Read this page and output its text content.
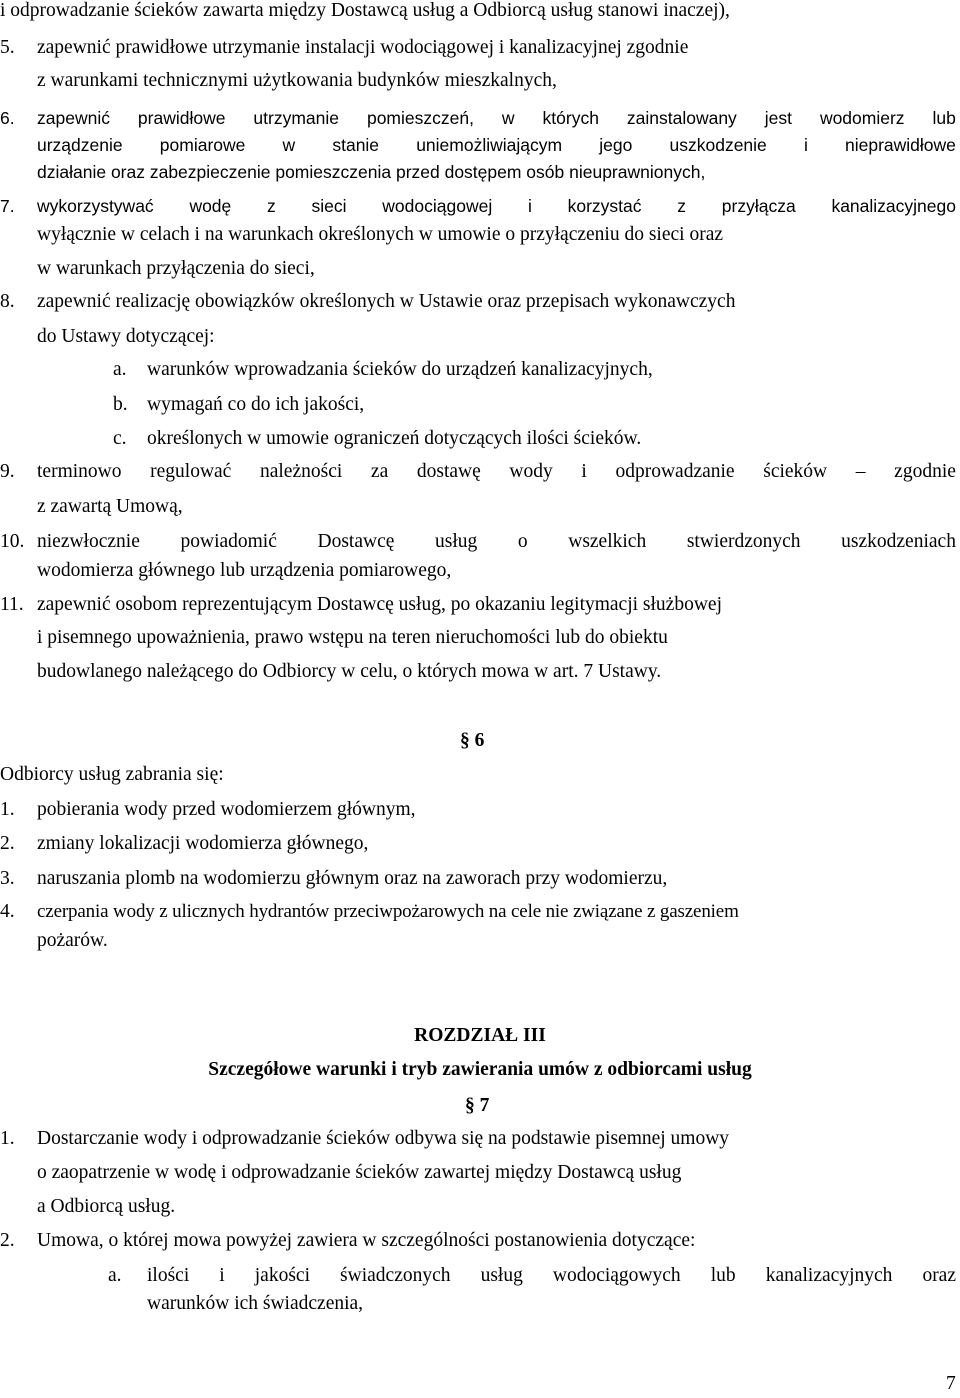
i odprowadzanie ścieków zawarta między Dostawcą usług a Odbiorcą usług stanowi inaczej),
5. zapewnić prawidłowe utrzymanie instalacji wodociągowej i kanalizacyjnej zgodnie
z warunkami technicznymi użytkowania budynków mieszkalnych,
6. zapewnić prawidłowe utrzymanie pomieszczeń, w których zainstalowany jest wodomierz lub
urządzenie pomiarowe w stanie uniemożliwiającym jego uszkodzenie i nieprawidłowe
działanie oraz zabezpieczenie pomieszczenia przed dostępem osób nieuprawnionych,
7. wykorzystywać wodę z sieci wodociągowej i korzystać z przyłącza kanalizacyjnego
wyłącznie w celach i na warunkach określonych w umowie o przyłączeniu do sieci oraz
w warunkach przyłączenia do sieci,
8. zapewnić realizację obowiązków określonych w Ustawie oraz przepisach wykonawczych
do Ustawy dotyczącej:
a. warunków wprowadzania ścieków do urządzeń kanalizacyjnych,
b. wymagań co do ich jakości,
c. określonych w umowie ograniczeń dotyczących ilości ścieków.
9. terminowo regulować należności za dostawę wody i odprowadzanie ścieków – zgodnie
z zawartą Umową,
10. niezwłocznie powiadomić Dostawcę usług o wszelkich stwierdzonych uszkodzeniach
wodomierza głównego lub urządzenia pomiarowego,
11. zapewnić osobom reprezentującym Dostawcę usług, po okazaniu legitymacji służbowej
i pisemnego upoważnienia, prawo wstępu na teren nieruchomości lub do obiektu
budowlanego należącego do Odbiorcy w celu, o których mowa w art. 7 Ustawy.
§ 6
Odbiorcy usług zabrania się:
1. pobierania wody przed wodomierzem głównym,
2. zmiany lokalizacji wodomierza głównego,
3. naruszania plomb na wodomierzu głównym oraz na zaworach przy wodomierzu,
4. czerpania wody z ulicznych hydrantów przeciwpożarowych na cele nie związane z gaszeniem
pożarów.
ROZDZIAŁ III
Szczegółowe warunki i tryb zawierania umów z odbiorcami usług
§ 7
1. Dostarczanie wody i odprowadzanie ścieków odbywa się na podstawie pisemnej umowy
o zaopatrzenie w wodę i odprowadzanie ścieków zawartej między Dostawcą usług
a Odbiorcą usług.
2. Umowa, o której mowa powyżej zawiera w szczególności postanowienia dotyczące:
a. ilości i jakości świadczonych usług wodociągowych lub kanalizacyjnych oraz
warunków ich świadczenia,
7
